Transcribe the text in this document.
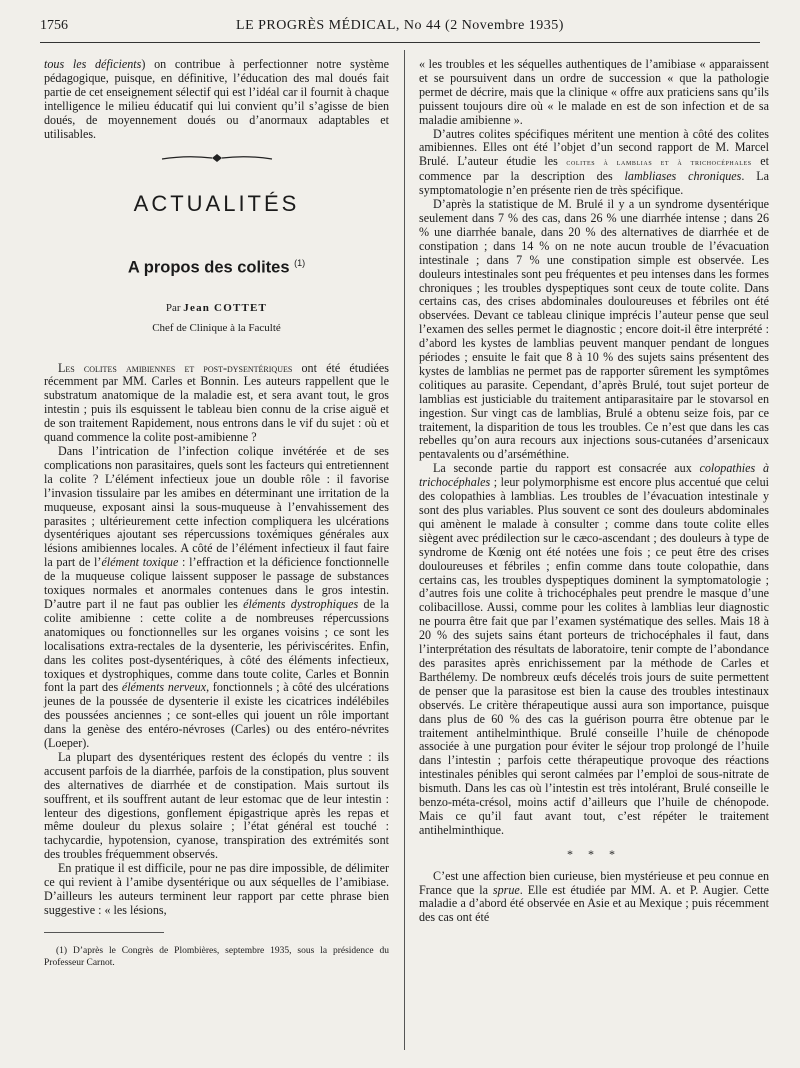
1756	LE PROGRÈS MÉDICAL, No 44 (2 Novembre 1935)

tous les déficients) on contribue à perfectionner notre système pédagogique, puisque, en définitive, l’éducation des mal doués fait partie de cet enseignement sélectif qui est l’idéal car il fournit à chaque intelligence le milieu éducatif qui lui convient qu’il s’agisse de bien doués, de moyennement doués ou d’anormaux adaptables et utilisables.

ACTUALITÉS
A propos des colites $^{(1)}$
Par Jean COTTET
Chef de Clinique à la Faculté

Les colites amibiennes et post-dysentériques ont été étudiées récemment par MM. Carles et Bonnin. Les auteurs rappellent que le substratum anatomique de la maladie est, et sera avant tout, le gros intestin ; puis ils esquissent le tableau bien connu de la crise aiguë et de son traitement Rapidement, nous entrons dans le vif du sujet : où et quand commence la colite post-amibienne ?

Dans l’intrication de l’infection colique invétérée et de ses complications non parasitaires, quels sont les facteurs qui entretiennent la colite ? L’élément infectieux joue un double rôle : il favorise l’invasion tissulaire par les amibes en déterminant une irritation de la muqueuse, exposant ainsi la sous-muqueuse à l’envahissement des parasites ; ultérieurement cette infection compliquera les ulcérations dysentériques ajoutant ses répercussions toxémiques générales aux lésions amibiennes locales. A côté de l’élément infectieux il faut faire la part de l’élément toxique : l’effraction et la déficience fonctionnelle de la muqueuse colique laissent supposer le passage de substances toxiques normales et anormales contenues dans le gros intestin. D’autre part il ne faut pas oublier les éléments dystrophiques de la colite amibienne : cette colite a de nombreuses répercussions anatomiques ou fonctionnelles sur les organes voisins ; ce sont les localisations extra-rectales de la dysenterie, les périviscérites. Enfin, dans les colites post-dysentériques, à côté des éléments infectieux, toxiques et dystrophiques, comme dans toute colite, Carles et Bonnin font la part des éléments nerveux, fonctionnels ; à côté des ulcérations jeunes de la poussée de dysenterie il existe les cicatrices indélébiles des poussées anciennes ; ce sont-elles qui jouent un rôle important dans la genèse des entéro-névroses (Carles) ou des entéro-névrites (Loeper).

La plupart des dysentériques restent des éclopés du ventre : ils accusent parfois de la diarrhée, parfois de la constipation, plus souvent des alternatives de diarrhée et de constipation. Mais surtout ils souffrent, et ils souffrent autant de leur estomac que de leur intestin : lenteur des digestions, gonflement épigastrique après les repas et même douleur du plexus solaire ; l’état général est touché : tachycardie, hypotension, cyanose, transpiration des extrémités sont des troubles fréquemment observés.

En pratique il est difficile, pour ne pas dire impossible, de délimiter ce qui revient à l’amibe dysentérique ou aux séquelles de l’amibiase. D’ailleurs les auteurs terminent leur rapport par cette phrase bien suggestive : « les lésions,

(1) D’après le Congrès de Plombières, septembre 1935, sous la présidence du Professeur Carnot.

« les troubles et les séquelles authentiques de l’amibiase « apparaissent et se poursuivent dans un ordre de succession « que la pathologie permet de décrire, mais que la clinique « offre aux praticiens sans qu’ils puissent toujours dire où « le malade en est de son infection et de sa maladie amibienne ».

D’autres colites spécifiques méritent une mention à côté des colites amibiennes. Elles ont été l’objet d’un second rapport de M. Marcel Brulé. L’auteur étudie les colites à lamblias et à trichocéphales et commence par la description des lambliases chroniques. La symptomatologie n’en présente rien de très spécifique.

D’après la statistique de M. Brulé il y a un syndrome dysentérique seulement dans 7 % des cas, dans 26 % une diarrhée intense ; dans 26 % une diarrhée banale, dans 20 % des alternatives de diarrhée et de constipation ; dans 14 % on ne note aucun trouble de l’évacuation intestinale ; dans 7 % une constipation simple est observée. Les douleurs intestinales sont peu fréquentes et peu intenses dans les formes chroniques ; les troubles dyspeptiques sont ceux de toute colite. Dans certains cas, des crises abdominales douloureuses et fébriles ont été observées. Devant ce tableau clinique imprécis l’auteur pense que seul l’examen des selles permet le diagnostic ; encore doit-il être interprété : d’abord les kystes de lamblias peuvent manquer pendant de longues périodes ; ensuite le fait que 8 à 10 % des sujets sains présentent des kystes de lamblias ne permet pas de rapporter sûrement les symptômes colitiques au parasite. Cependant, d’après Brulé, tout sujet porteur de lamblias est justiciable du traitement antiparasitaire par le stovarsol en ingestion. Sur vingt cas de lamblias, Brulé a obtenu seize fois, par ce traitement, la disparition de tous les troubles. Ce n’est que dans les cas rebelles qu’on aura recours aux injections sous-cutanées d’arsenicaux pentavalents ou d’arséméthine.

La seconde partie du rapport est consacrée aux colopathies à trichocéphales ; leur polymorphisme est encore plus accentué que celui des colopathies à lamblias. Les troubles de l’évacuation intestinale y sont des plus variables. Plus souvent ce sont des douleurs abdominales qui amènent le malade à consulter ; comme dans toute colite elles siègent avec prédilection sur le cæco-ascendant ; des douleurs à type de syndrome de Kœnig ont été notées une fois ; ce peut être des crises douloureuses et fébriles ; enfin comme dans toute colopathie, dans certains cas, les troubles dyspeptiques dominent la symptomatologie ; d’autres fois une colite à trichocéphales peut prendre le masque d’une colibacillose. Aussi, comme pour les colites à lamblias leur diagnostic ne pourra être fait que par l’examen systématique des selles. Mais 18 à 20 % des sujets sains étant porteurs de trichocéphales il faut, dans l’interprétation des résultats de laboratoire, tenir compte de l’abondance des parasites après enrichissement par la méthode de Carles et Barthélemy. De nombreux œufs décelés trois jours de suite permettent de penser que la parasitose est bien la cause des troubles intestinaux observés. Le critère thérapeutique aussi aura son importance, puisque dans plus de 60 % des cas la guérison pourra être obtenue par le traitement antihelminthique. Brulé conseille l’huile de chénopode associée à une purgation pour éviter le séjour trop prolongé de l’huile dans l’intestin ; parfois cette thérapeutique provoque des réactions intestinales pénibles qui seront calmées par l’emploi de sous-nitrate de bismuth. Dans les cas où l’intestin est très intolérant, Brulé conseille le benzo-méta-crésol, moins actif d’ailleurs que l’huile de chénopode. Mais ce qu’il faut avant tout, c’est répéter le traitement antihelminthique.

* * *

C’est une affection bien curieuse, bien mystérieuse et peu connue en France que la sprue. Elle est étudiée par MM. A. et P. Augier. Cette maladie a d’abord été observée en Asie et au Mexique ; puis récemment des cas ont été
